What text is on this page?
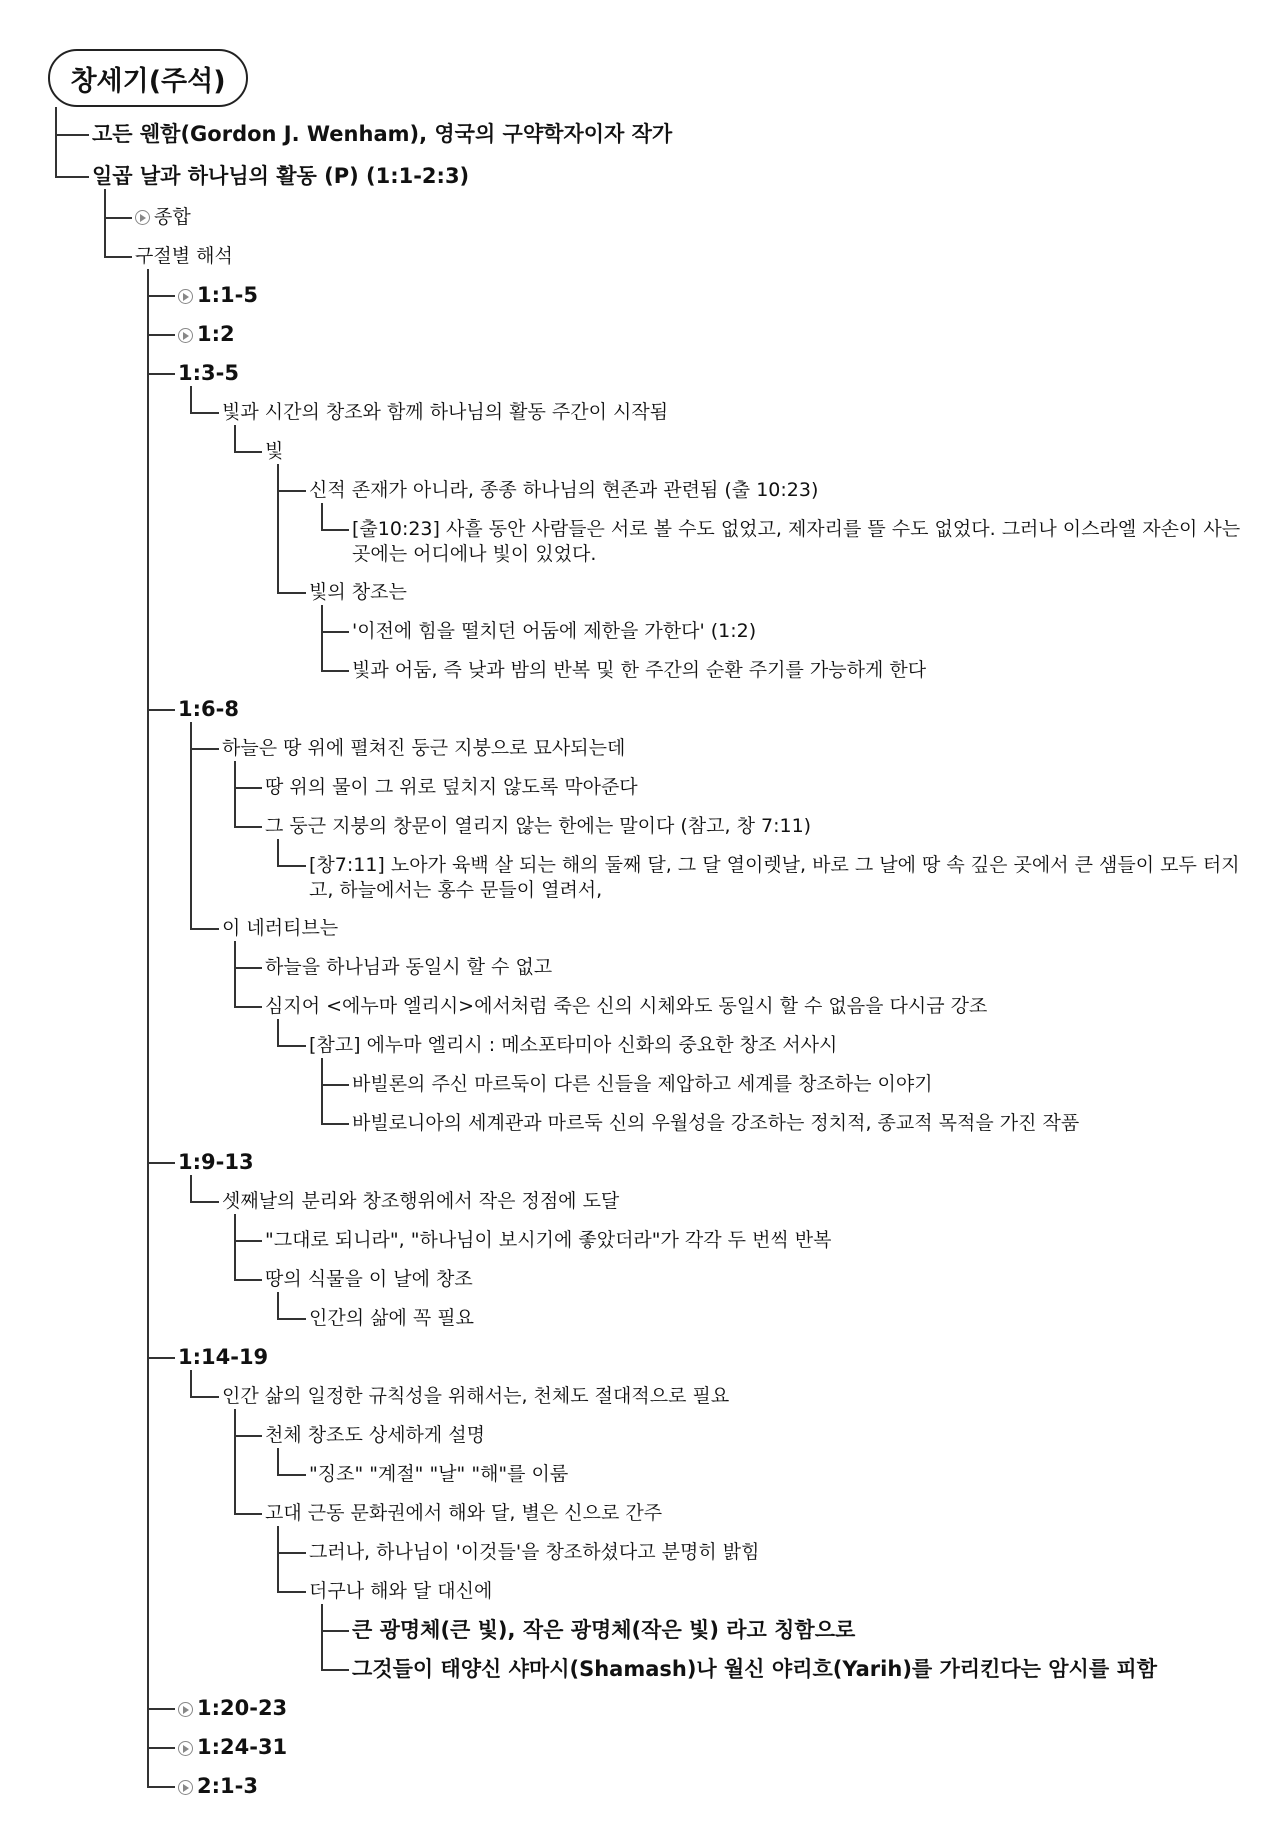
창세기(주석)
고든 웬함(Gordon J. Wenham), 영국의 구약학자이자 작가
일곱 날과 하나님의 활동 (P) (1:1-2:3)
종합
구절별 해석
1:1-5
1:2
1:3-5
빛과 시간의 창조와 함께 하나님의 활동 주간이 시작됨
빛
신적 존재가 아니라, 종종 하나님의 현존과 관련됨 (출 10:23)
[출10:23] 사흘 동안 사람들은 서로 볼 수도 없었고, 제자리를 뜰 수도 없었다. 그러나 이스라엘 자손이 사는 곳에는 어디에나 빛이 있었다.
빛의 창조는
'이전에 힘을 떨치던 어둠에 제한을 가한다' (1:2)
빛과 어둠, 즉 낮과 밤의 반복 및 한 주간의 순환 주기를 가능하게 한다
1:6-8
하늘은 땅 위에 펼쳐진 둥근 지붕으로 묘사되는데
땅 위의 물이 그 위로 덮치지 않도록 막아준다
그 둥근 지붕의 창문이 열리지 않는 한에는 말이다 (참고, 창 7:11)
[창7:11] 노아가 육백 살 되는 해의 둘째 달, 그 달 열이렛날, 바로 그 날에 땅 속 깊은 곳에서 큰 샘들이 모두 터지고, 하늘에서는 홍수 문들이 열려서,
이 네러티브는
하늘을 하나님과 동일시 할 수 없고
심지어 <에누마 엘리시>에서처럼 죽은 신의 시체와도 동일시 할 수 없음을 다시금 강조
[참고] 에누마 엘리시 : 메소포타미아 신화의 중요한 창조 서사시
바빌론의 주신 마르둑이 다른 신들을 제압하고 세계를 창조하는 이야기
바빌로니아의 세계관과 마르둑 신의 우월성을 강조하는 정치적, 종교적 목적을 가진 작품
1:9-13
셋째날의 분리와 창조행위에서 작은 정점에 도달
"그대로 되니라", "하나님이 보시기에 좋았더라"가 각각 두 번씩 반복
땅의 식물을 이 날에 창조
인간의 삶에 꼭 필요
1:14-19
인간 삶의 일정한 규칙성을 위해서는, 천체도 절대적으로 필요
천체 창조도 상세하게 설명
"징조" "계절" "날" "해"를 이룸
고대 근동 문화권에서 해와 달, 별은 신으로 간주
그러나, 하나님이 '이것들'을 창조하셨다고 분명히 밝힘
더구나 해와 달 대신에
큰 광명체(큰 빛), 작은 광명체(작은 빛) 라고 칭함으로
그것들이 태양신 샤마시(Shamash)나 월신 야리흐(Yarih)를 가리킨다는 암시를 피함
1:20-23
1:24-31
2:1-3
